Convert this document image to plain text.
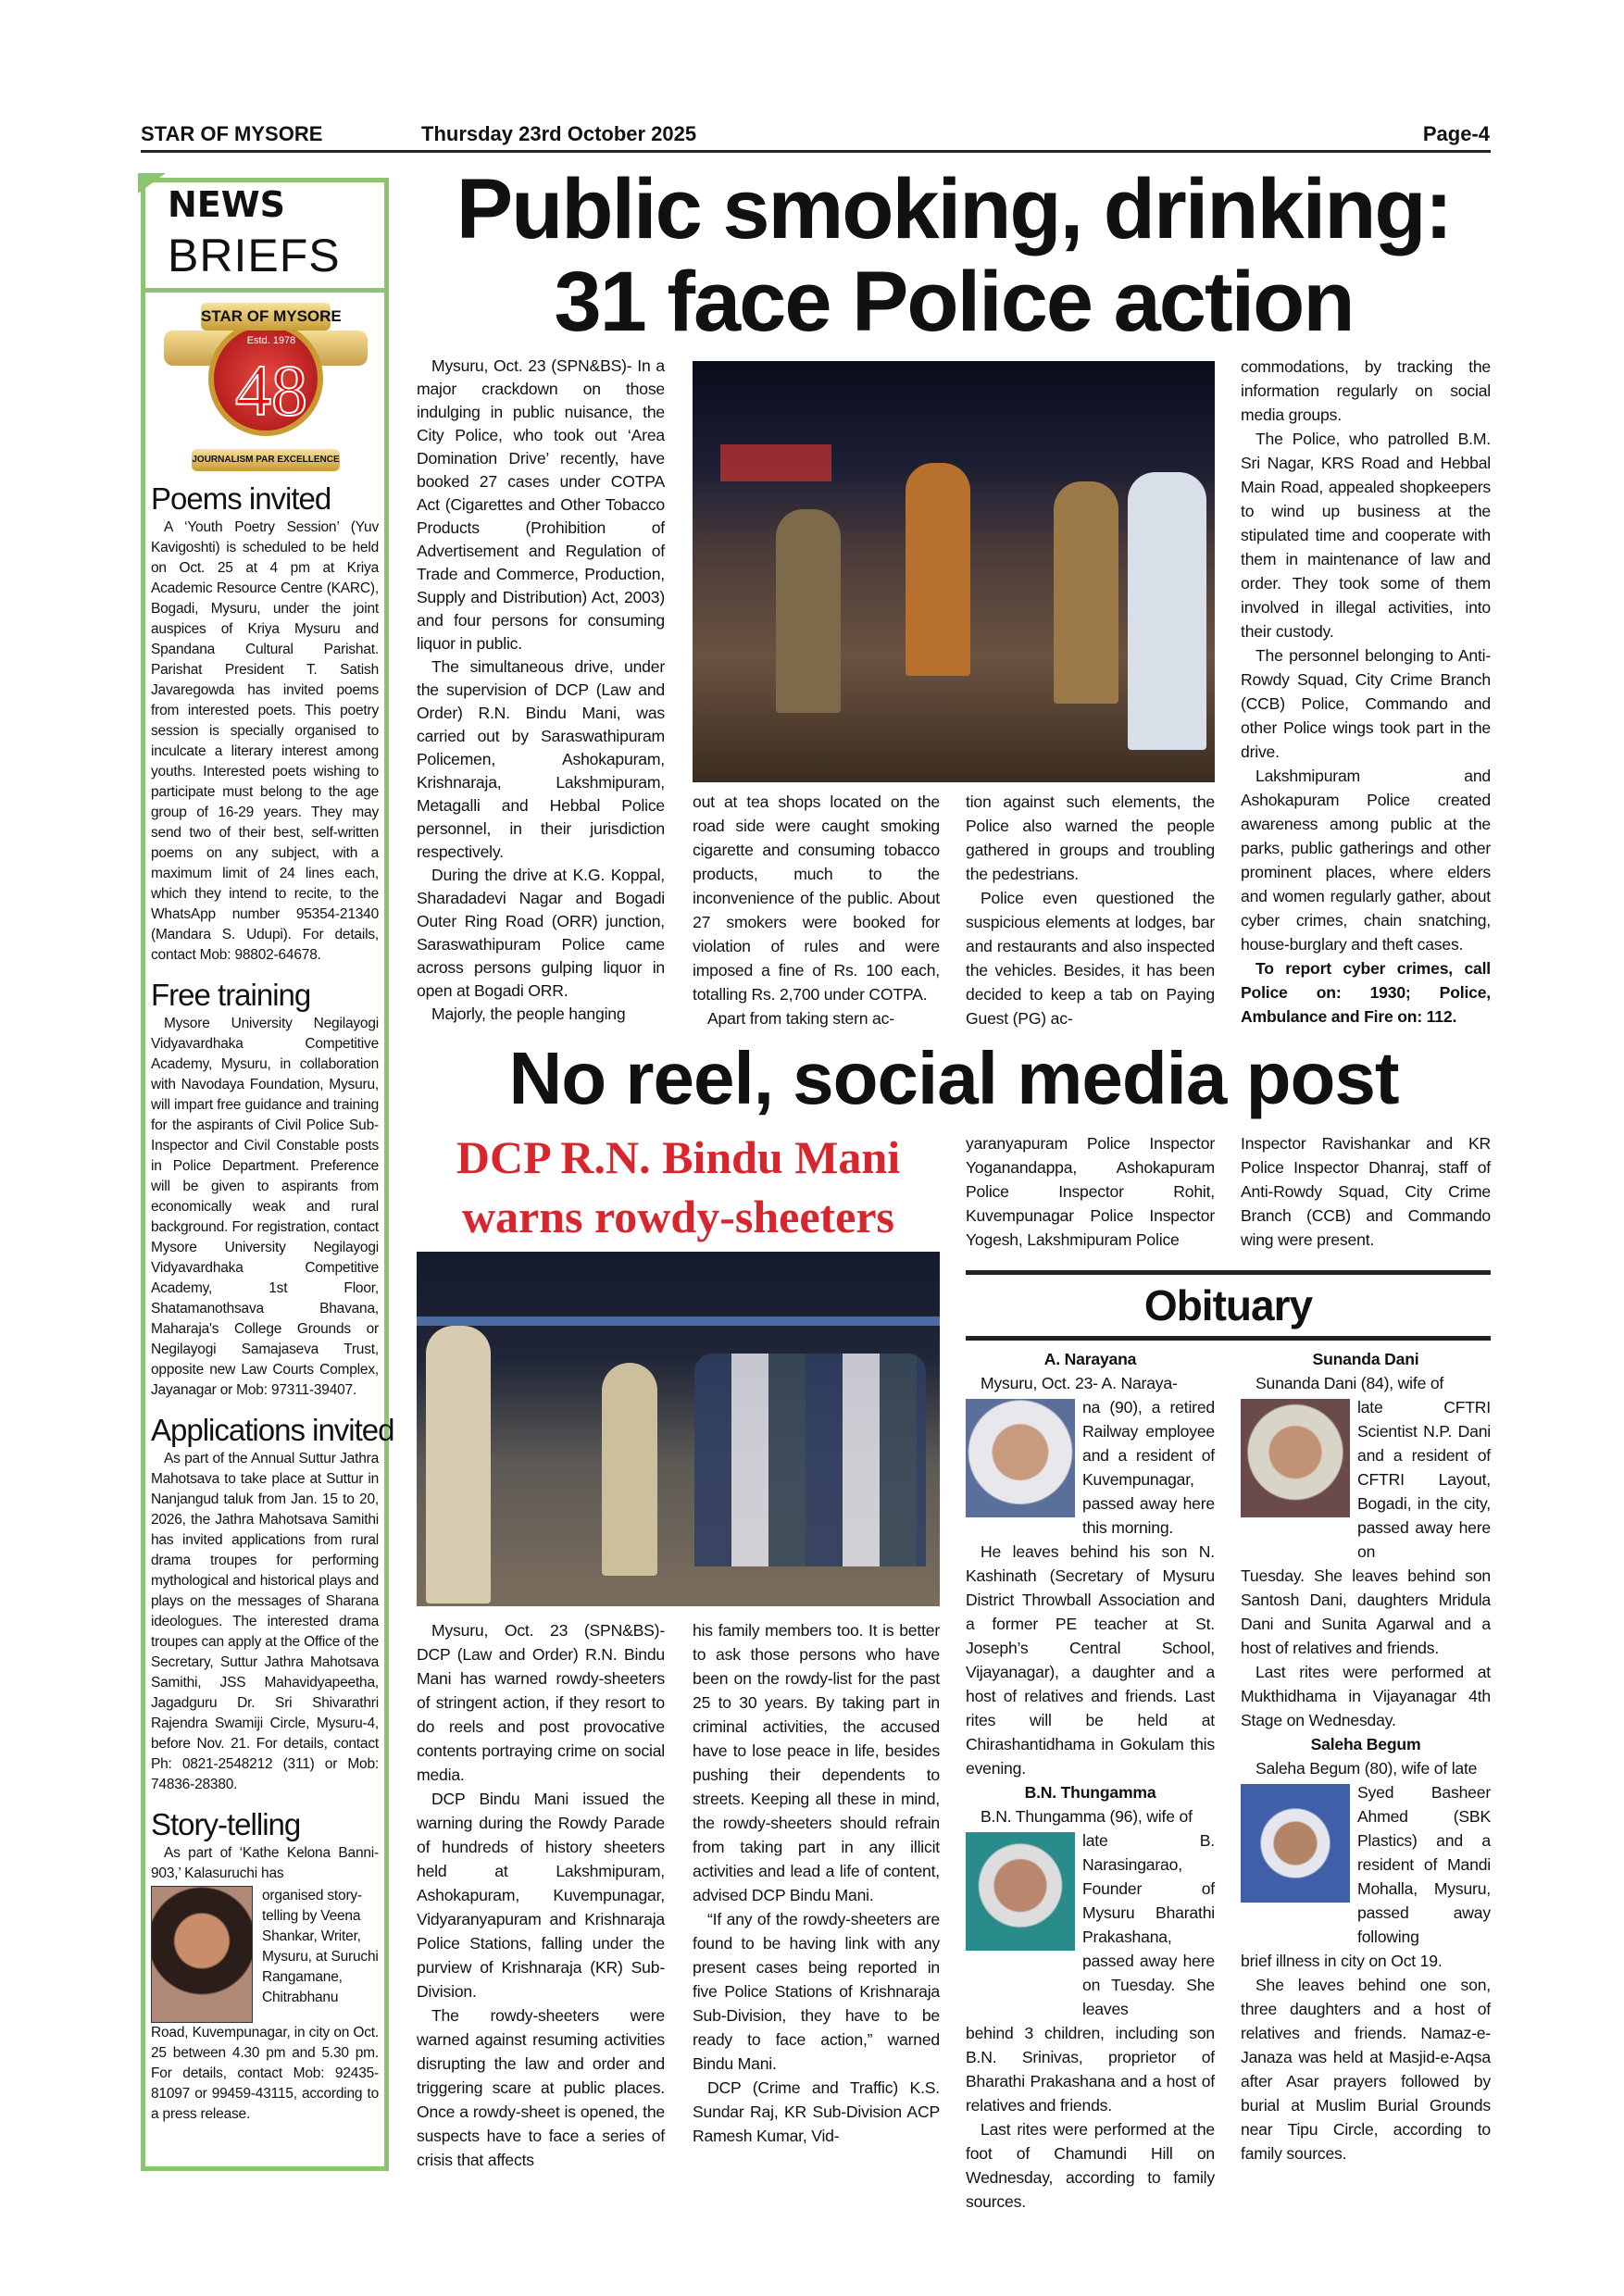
STAR OF MYSORE	Thursday 23rd October 2025	Page-4
NEWS
BRIEFS
STAR OF MYSORE
Estd. 1978
48
JOURNALISM PAR EXCELLENCE
Poems invited

A ‘Youth Poetry Session’ (Yuv Kavigoshti) is scheduled to be held on Oct. 25 at 4 pm at Kriya Academic Resource Centre (KARC), Bogadi, Mysuru, under the joint auspices of Kriya Mysuru and Spandana Cultural Parishat. Parishat President T. Satish Javaregowda has invited poems from interested poets. This poetry session is specially organised to inculcate a literary interest among youths. Interested poets wishing to participate must belong to the age group of 16-29 years. They may send two of their best, self-written poems on any subject, with a maximum limit of 24 lines each, which they intend to recite, to the WhatsApp number 95354-21340 (Mandara S. Udupi). For details, contact Mob: 98802-64678.

Free training

Mysore University Negilayogi Vidyavardhaka Competitive Academy, Mysuru, in collaboration with Navodaya Foundation, Mysuru, will impart free guidance and training for the aspirants of Civil Police Sub-Inspector and Civil Constable posts in Police Department. Preference will be given to aspirants from economically weak and rural background. For registration, contact Mysore University Negilayogi Vidyavardhaka Competitive Academy, 1st Floor, Shatamanothsava Bhavana, Maharaja's College Grounds or Negilayogi Samajaseva Trust, opposite new Law Courts Complex, Jayanagar or Mob: 97311-39407.

Applications invited

As part of the Annual Suttur Jathra Mahotsava to take place at Suttur in Nanjangud taluk from Jan. 15 to 20, 2026, the Jathra Mahotsava Samithi has invited applications from rural drama troupes for performing mythological and historical plays and plays on the messages of Sharana ideologues. The interested drama troupes can apply at the Office of the Secretary, Suttur Jathra Mahotsava Samithi, JSS Mahavidyapeetha, Jagadguru Dr. Sri Shivarathri Rajendra Swamiji Circle, Mysuru-4, before Nov. 21. For details, contact Ph: 0821-2548212 (311) or Mob: 74836-28380.

Story-telling

As part of ‘Kathe Kelona Banni-903,’ Kalasuruchi has

organised story-telling by Veena Shankar, Writer, Mysuru, at Suruchi Rangamane, Chitrabhanu

Road, Kuvempunagar, in city on Oct. 25 between 4.30 pm and 5.30 pm. For details, contact Mob: 92435-81097 or 99459-43115, according to a press release.

Public smoking, drinking:
31 face Police action

Mysuru, Oct. 23 (SPN&BS)- In a major crackdown on those indulging in public nuisance, the City Police, who took out ‘Area Domination Drive’ recently, have booked 27 cases under COTPA Act (Cigarettes and Other Tobacco Products (Prohibition of Advertisement and Regulation of Trade and Commerce, Production, Supply and Distribution) Act, 2003) and four persons for consuming liquor in public.

The simultaneous drive, under the supervision of DCP (Law and Order) R.N. Bindu Mani, was carried out by Saraswathipuram Policemen, Ashokapuram, Krishnaraja, Lakshmipuram, Metagalli and Hebbal Police personnel, in their jurisdiction respectively.

During the drive at K.G. Koppal, Sharadadevi Nagar and Bogadi Outer Ring Road (ORR) junction, Saraswathipuram Police came across persons gulping liquor in open at Bogadi ORR.

Majorly, the people hanging

out at tea shops located on the road side were caught smoking cigarette and consuming tobacco products, much to the inconvenience of the public. About 27 smokers were booked for violation of rules and were imposed a fine of Rs. 100 each, totalling Rs. 2,700 under COTPA.

Apart from taking stern ac-

tion against such elements, the Police also warned the people gathered in groups and troubling the pedestrians.

Police even questioned the suspicious elements at lodges, bar and restaurants and also inspected the vehicles. Besides, it has been decided to keep a tab on Paying Guest (PG) ac-

commodations, by tracking the information regularly on social media groups.

The Police, who patrolled B.M. Sri Nagar, KRS Road and Hebbal Main Road, appealed shopkeepers to wind up business at the stipulated time and cooperate with them in maintenance of law and order. They took some of them involved in illegal activities, into their custody.

The personnel belonging to Anti-Rowdy Squad, City Crime Branch (CCB) Police, Commando and other Police wings took part in the drive.

Lakshmipuram and Ashokapuram Police created awareness among public at the parks, public gatherings and other prominent places, where elders and women regularly gather, about cyber crimes, chain snatching, house-burglary and theft cases.

To report cyber crimes, call Police on: 1930; Police, Ambulance and Fire on: 112.

No reel, social media post
DCP R.N. Bindu Mani
warns rowdy-sheeters

yaranyapuram Police Inspector Yoganandappa, Ashokapuram Police Inspector Rohit, Kuvempunagar Police Inspector Yogesh, Lakshmipuram Police

Inspector Ravishankar and KR Police Inspector Dhanraj, staff of Anti-Rowdy Squad, City Crime Branch (CCB) and Commando wing were present.

Mysuru, Oct. 23 (SPN&BS)- DCP (Law and Order) R.N. Bindu Mani has warned rowdy-sheeters of stringent action, if they resort to do reels and post provocative contents portraying crime on social media.

DCP Bindu Mani issued the warning during the Rowdy Parade of hundreds of history sheeters held at Lakshmipuram, Ashokapuram, Kuvempunagar, Vidyaranyapuram and Krishnaraja Police Stations, falling under the purview of Krishnaraja (KR) Sub-Division.

The rowdy-sheeters were warned against resuming activities disrupting the law and order and triggering scare at public places. Once a rowdy-sheet is opened, the suspects have to face a series of crisis that affects

his family members too. It is better to ask those persons who have been on the rowdy-list for the past 25 to 30 years. By taking part in criminal activities, the accused have to lose peace in life, besides pushing their dependents to streets. Keeping all these in mind, the rowdy-sheeters should refrain from taking part in any illicit activities and lead a life of content, advised DCP Bindu Mani.

“If any of the rowdy-sheeters are found to be having link with any present cases being reported in five Police Stations of Krishnaraja Sub-Division, they have to be ready to face action,” warned Bindu Mani.

DCP (Crime and Traffic) K.S. Sundar Raj, KR Sub-Division ACP Ramesh Kumar, Vid-

Obituary
A. Narayana

Mysuru, Oct. 23- A. Naraya-

na (90), a retired Railway employee and a resident of Kuvempunagar, passed away here this morning.

He leaves behind his son N. Kashinath (Secretary of Mysuru District Throwball Association and a former PE teacher at St. Joseph’s Central School, Vijayanagar), a daughter and a host of relatives and friends. Last rites will be held at Chirashantidhama in Gokulam this evening.

B.N. Thungamma

B.N. Thungamma (96), wife of

late B. Narasingarao, Founder of Mysuru Bharathi Prakashana, passed away here on Tuesday. She leaves

behind 3 children, including son B.N. Srinivas, proprietor of Bharathi Prakashana and a host of relatives and friends.

Last rites were performed at the foot of Chamundi Hill on Wednesday, according to family sources.

Sunanda Dani

Sunanda Dani (84), wife of

late CFTRI Scientist N.P. Dani and a resident of CFTRI Layout, Bogadi, in the city, passed away here on

Tuesday. She leaves behind son Santosh Dani, daughters Mridula Dani and Sunita Agarwal and a host of relatives and friends.

Last rites were performed at Mukthidhama in Vijayanagar 4th Stage on Wednesday.

Saleha Begum

Saleha Begum (80), wife of late

Syed Basheer Ahmed (SBK Plastics) and a resident of Mandi Mohalla, Mysuru, passed away following

brief illness in city on Oct 19.

She leaves behind one son, three daughters and a host of relatives and friends. Namaz-e-Janaza was held at Masjid-e-Aqsa after Asar prayers followed by burial at Muslim Burial Grounds near Tipu Circle, according to family sources.
